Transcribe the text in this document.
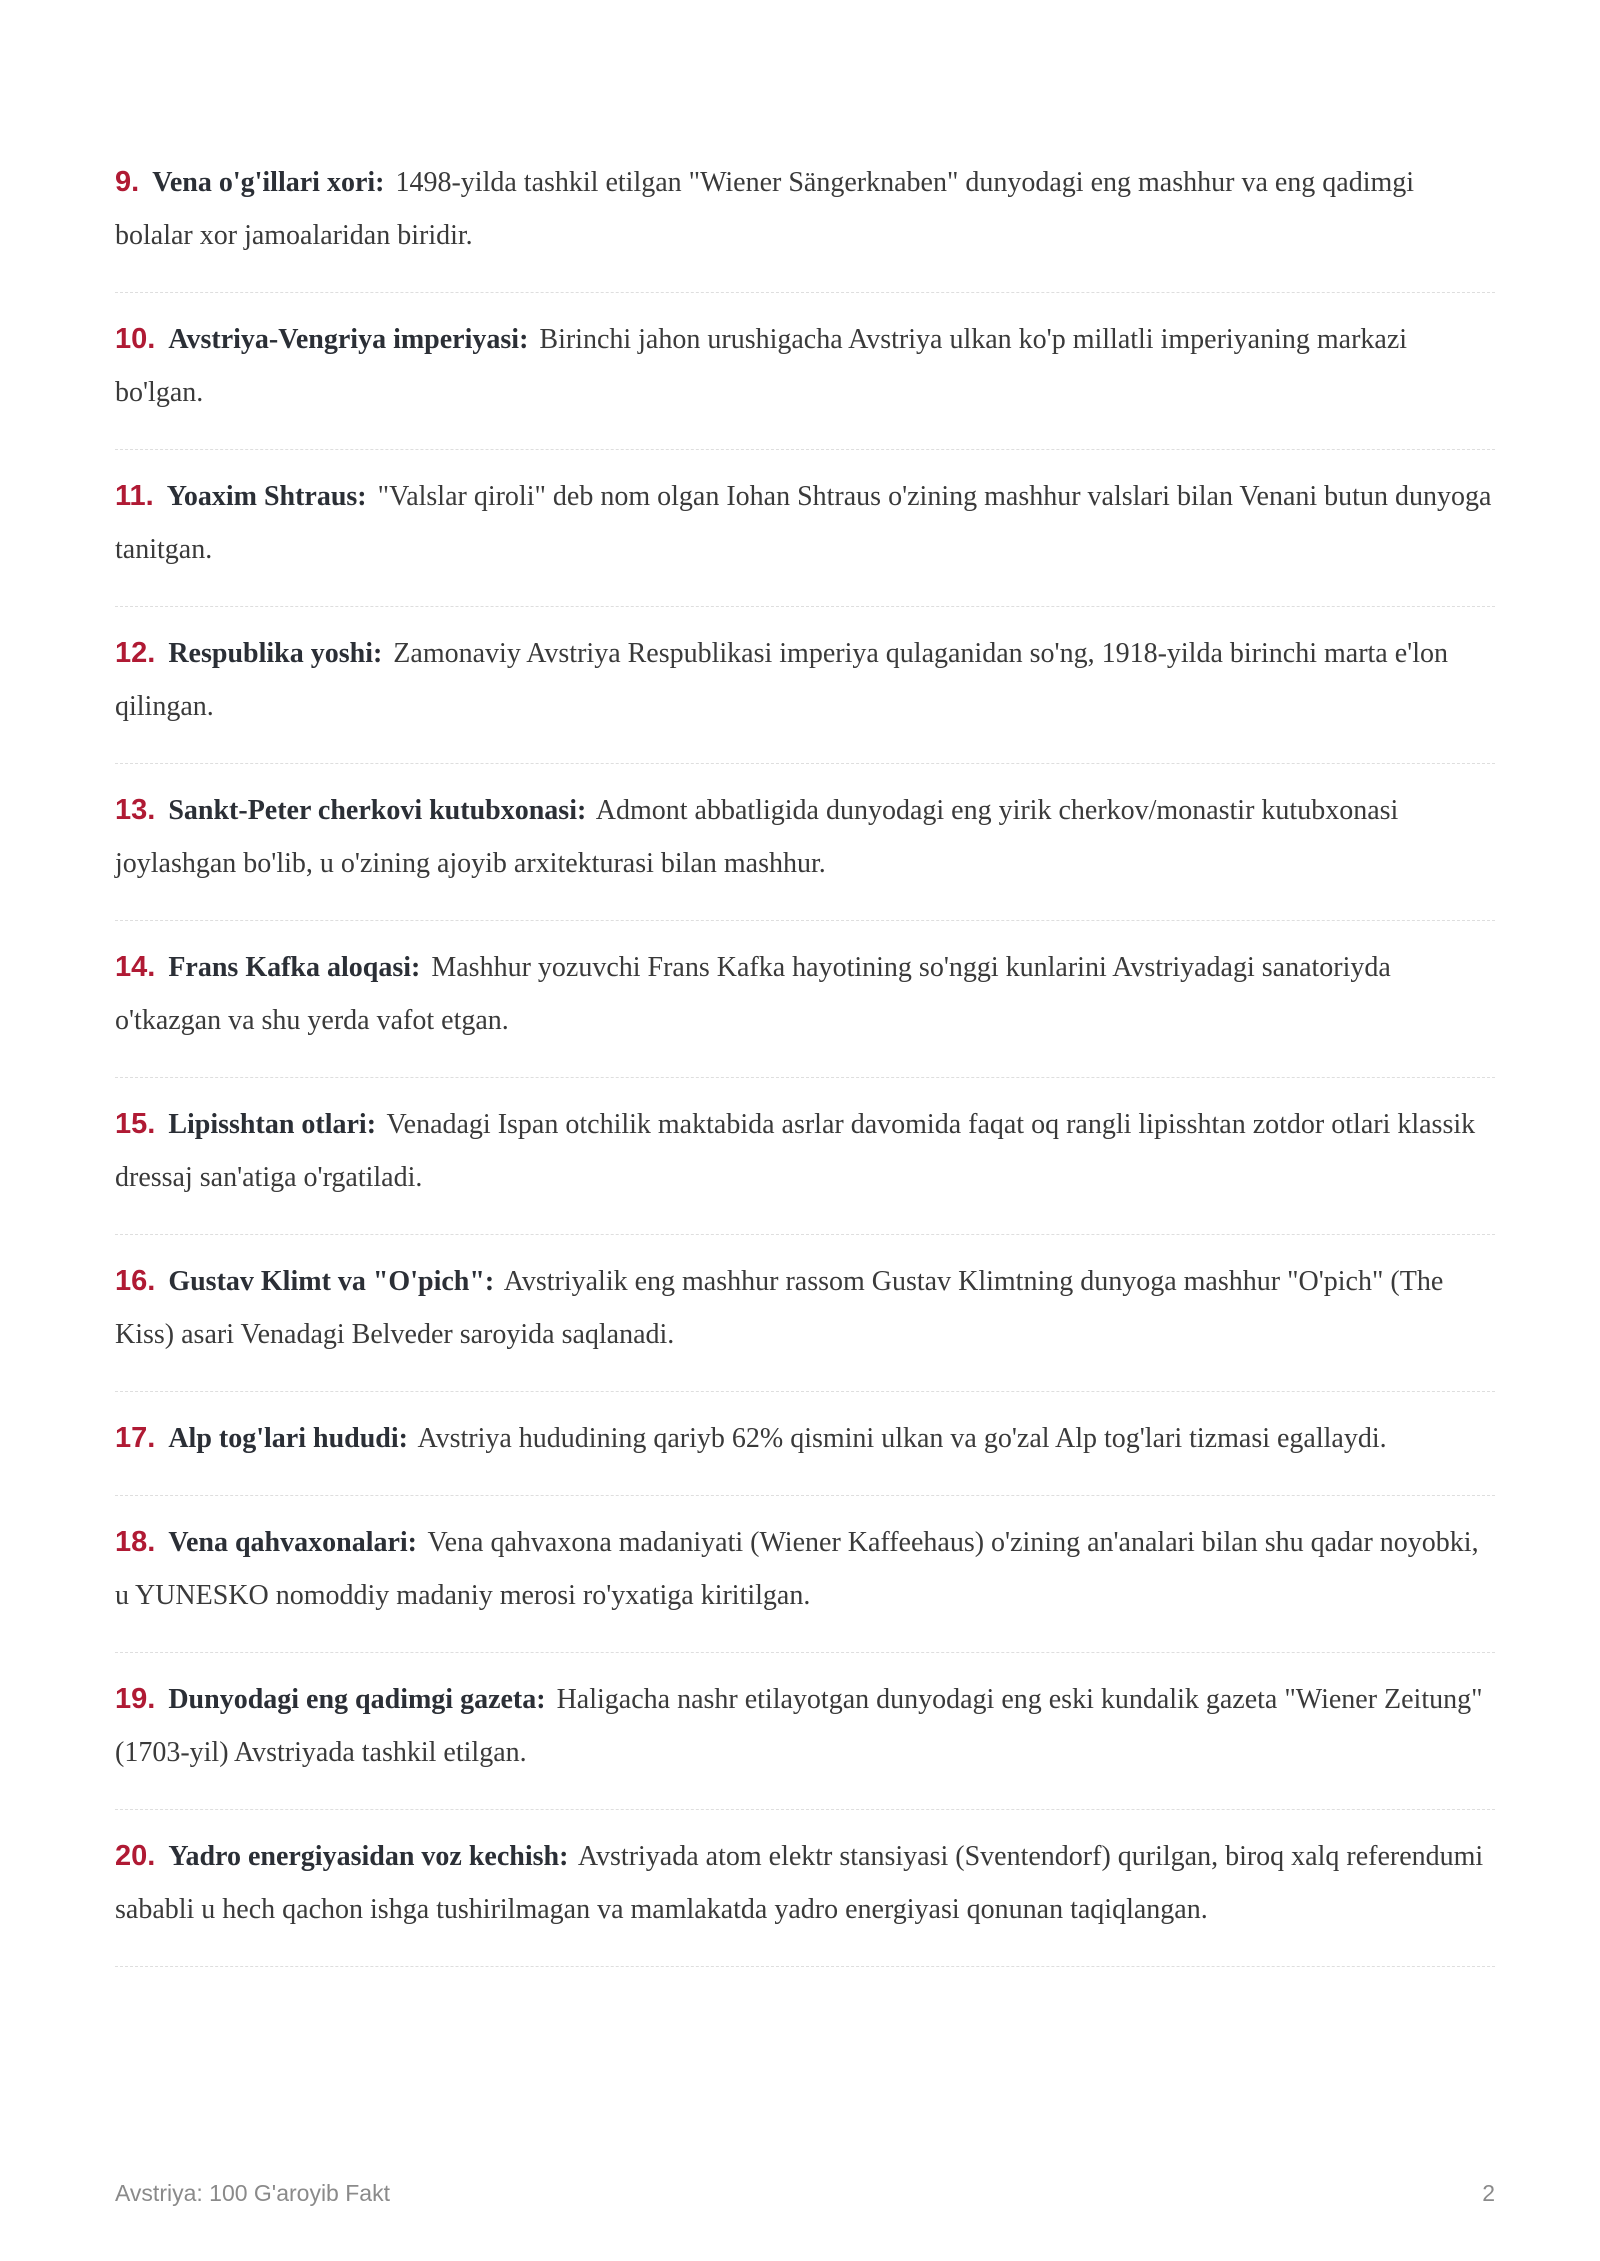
9. Vena o'g'illari xori: 1498-yilda tashkil etilgan "Wiener Sängerknaben" dunyodagi eng mashhur va eng qadimgi bolalar xor jamoalaridan biridir.
10. Avstriya-Vengriya imperiyasi: Birinchi jahon urushigacha Avstriya ulkan ko'p millatli imperiyaning markazi bo'lgan.
11. Yoaxim Shtraus: "Valslar qiroli" deb nom olgan Iohan Shtraus o'zining mashhur valslari bilan Venani butun dunyoga tanitgan.
12. Respublika yoshi: Zamonaviy Avstriya Respublikasi imperiya qulaganidan so'ng, 1918-yilda birinchi marta e'lon qilingan.
13. Sankt-Peter cherkovi kutubxonasi: Admont abbatligida dunyodagi eng yirik cherkov/monastir kutubxonasi joylashgan bo'lib, u o'zining ajoyib arxitekturasi bilan mashhur.
14. Frans Kafka aloqasi: Mashhur yozuvchi Frans Kafka hayotining so'nggi kunlarini Avstriyadagi sanatoriyda o'tkazgan va shu yerda vafot etgan.
15. Lipisshtan otlari: Venadagi Ispan otchilik maktabida asrlar davomida faqat oq rangli lipisshtan zotdor otlari klassik dressaj san'atiga o'rgatiladi.
16. Gustav Klimt va "O'pich": Avstriyalik eng mashhur rassom Gustav Klimtning dunyoga mashhur "O'pich" (The Kiss) asari Venadagi Belveder saroyida saqlanadi.
17. Alp tog'lari hududi: Avstriya hududining qariyb 62% qismini ulkan va go'zal Alp tog'lari tizmasi egallaydi.
18. Vena qahvaxonalari: Vena qahvaxona madaniyati (Wiener Kaffeehaus) o'zining an'analari bilan shu qadar noyobki, u YUNESKO nomoddiy madaniy merosi ro'yxatiga kiritilgan.
19. Dunyodagi eng qadimgi gazeta: Haligacha nashr etilayotgan dunyodagi eng eski kundalik gazeta "Wiener Zeitung" (1703-yil) Avstriyada tashkil etilgan.
20. Yadro energiyasidan voz kechish: Avstriyada atom elektr stansiyasi (Sventendorf) qurilgan, biroq xalq referendumi sababli u hech qachon ishga tushirilmagan va mamlakatda yadro energiyasi qonunan taqiqlangan.
Avstriya: 100 G'aroyib Fakt	2
